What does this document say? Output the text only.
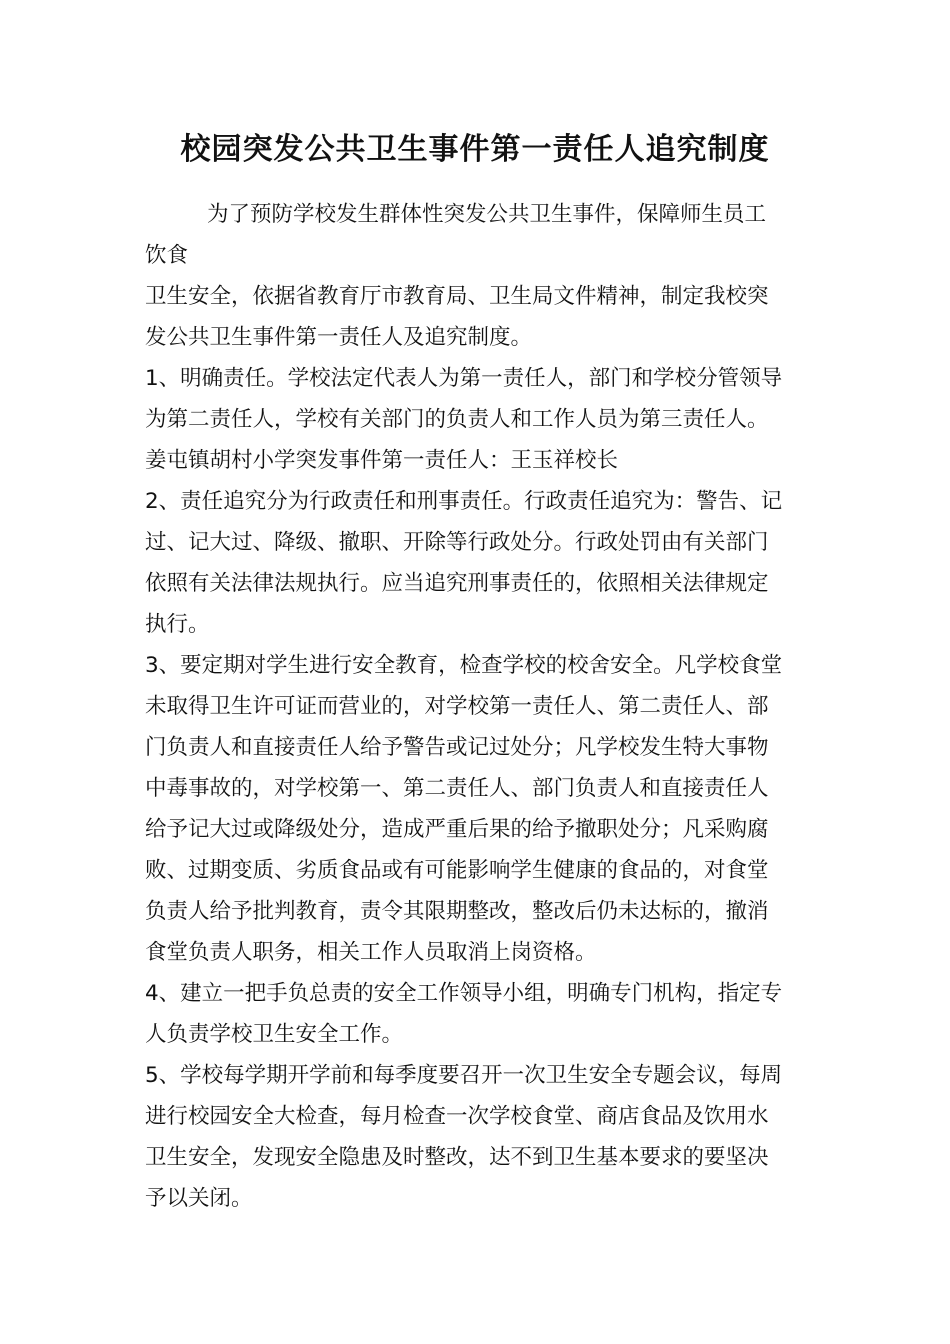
校园突发公共卫生事件第一责任人追究制度
为了预防学校发生群体性突发公共卫生事件，保障师生员工
饮食
卫生安全，依据省教育厅市教育局、卫生局文件精神，制定我校突
发公共卫生事件第一责任人及追究制度。
1、明确责任。学校法定代表人为第一责任人，部门和学校分管领导
为第二责任人，学校有关部门的负责人和工作人员为第三责任人。
姜屯镇胡村小学突发事件第一责任人：王玉祥校长
2、责任追究分为行政责任和刑事责任。行政责任追究为：警告、记
过、记大过、降级、撤职、开除等行政处分。行政处罚由有关部门
依照有关法律法规执行。应当追究刑事责任的，依照相关法律规定
执行。
3、要定期对学生进行安全教育，检查学校的校舍安全。凡学校食堂
未取得卫生许可证而营业的，对学校第一责任人、第二责任人、部
门负责人和直接责任人给予警告或记过处分；凡学校发生特大事物
中毒事故的，对学校第一、第二责任人、部门负责人和直接责任人
给予记大过或降级处分，造成严重后果的给予撤职处分；凡采购腐
败、过期变质、劣质食品或有可能影响学生健康的食品的，对食堂
负责人给予批判教育，责令其限期整改，整改后仍未达标的，撤消
食堂负责人职务，相关工作人员取消上岗资格。
4、建立一把手负总责的安全工作领导小组，明确专门机构，指定专
人负责学校卫生安全工作。
5、学校每学期开学前和每季度要召开一次卫生安全专题会议，每周
进行校园安全大检查，每月检查一次学校食堂、商店食品及饮用水
卫生安全，发现安全隐患及时整改，达不到卫生基本要求的要坚决
予以关闭。
